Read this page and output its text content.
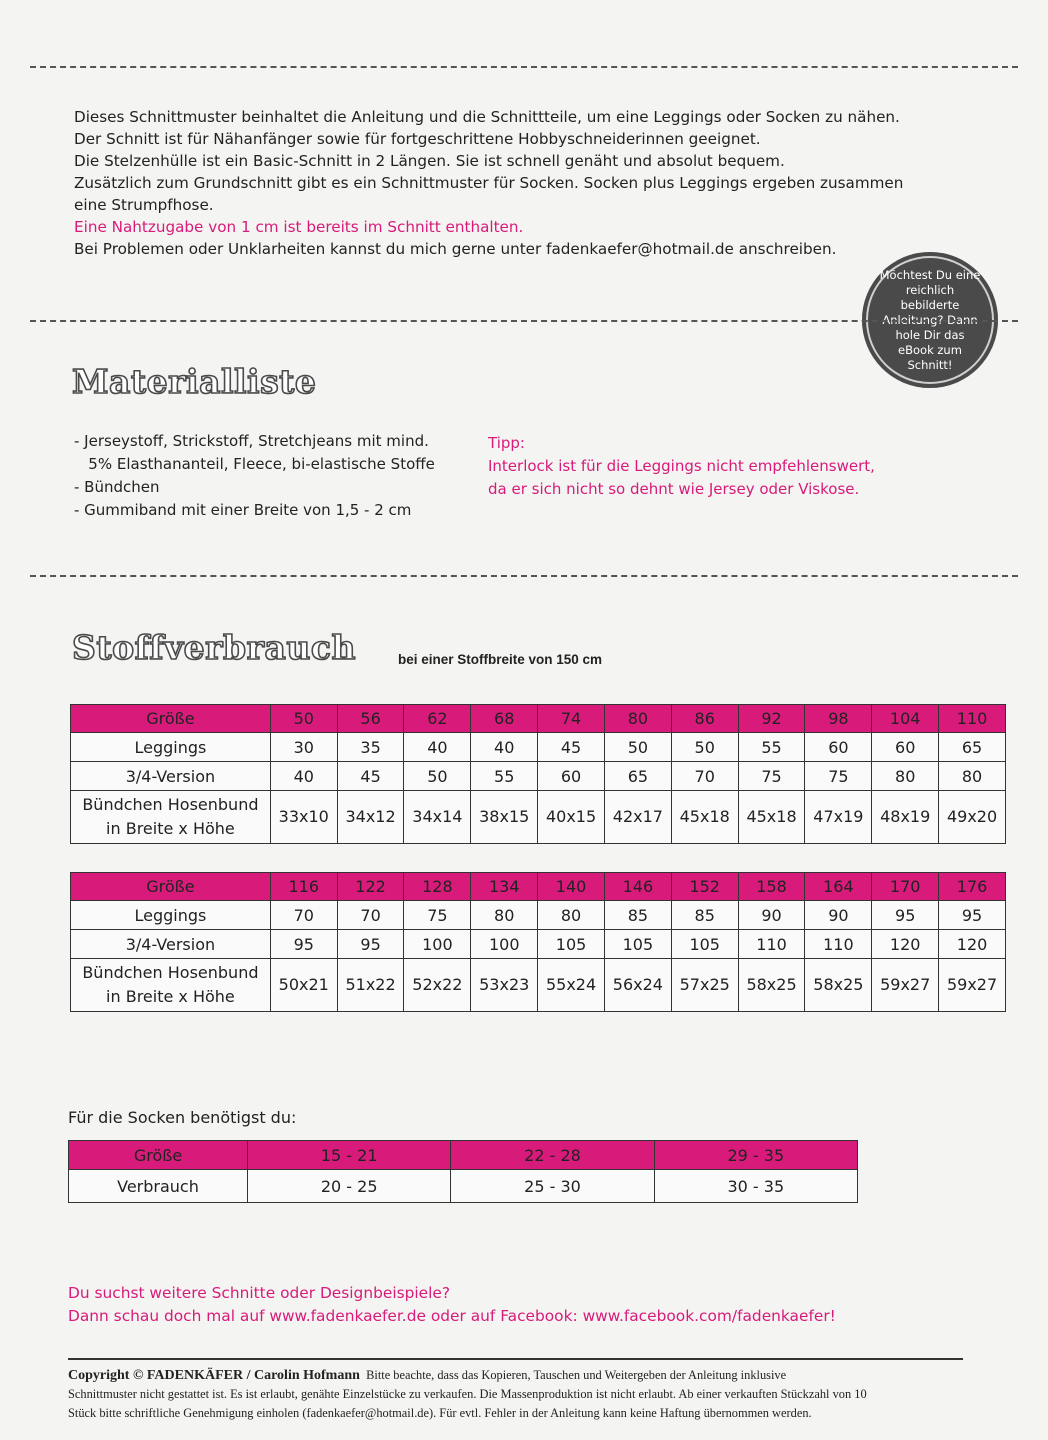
Dieses Schnittmuster beinhaltet die Anleitung und die Schnittteile, um eine Leggings oder Socken zu nähen.

Der Schnitt ist für Nähanfänger sowie für fortgeschrittene Hobbyschneiderinnen geeignet.

Die Stelzenhülle ist ein Basic-Schnitt in 2 Längen. Sie ist schnell genäht und absolut bequem.

Zusätzlich zum Grundschnitt gibt es ein Schnittmuster für Socken. Socken plus Leggings ergeben zusammen eine Strumpfhose.

Eine Nahtzugabe von 1 cm ist bereits im Schnitt enthalten.

Bei Problemen oder Unklarheiten kannst du mich gerne unter fadenkaefer@hotmail.de anschreiben.

Möchtest Du eine reichlich bebilderte Anleitung? Dann hole Dir das eBook zum Schnitt!
Materialliste
- Jerseystoff, Strickstoff, Stretchjeans mit mind.
5% Elasthananteil, Fleece, bi-elastische Stoffe
- Bündchen
- Gummiband mit einer Breite von 1,5 - 2 cm

Tipp:

Interlock ist für die Leggings nicht empfehlenswert,

da er sich nicht so dehnt wie Jersey oder Viskose.

Stoffverbrauch	bei einer Stoffbreite von 150 cm
Größe	50	56	62	68	74	80	86	92	98	104	110
Leggings	30	35	40	40	45	50	50	55	60	60	65
3/4-Version	40	45	50	55	60	65	70	75	75	80	80

Bündchen Hosenbund
in Breite x Höhe	33x10	34x12	34x14	38x15	40x15	42x17	45x18	45x18	47x19	48x19	49x20
Größe	116	122	128	134	140	146	152	158	164	170	176
Leggings	70	70	75	80	80	85	85	90	90	95	95
3/4-Version	95	95	100	100	105	105	105	110	110	120	120

Bündchen Hosenbund
in Breite x Höhe	50x21	51x22	52x22	53x23	55x24	56x24	57x25	58x25	58x25	59x27	59x27
Für die Socken benötigst du:
Größe	15 - 21	22 - 28	29 - 35
Verbrauch	20 - 25	25 - 30	30 - 35

Du suchst weitere Schnitte oder Designbeispiele?

Dann schau doch mal auf www.fadenkaefer.de oder auf Facebook: www.facebook.com/fadenkaefer!

Copyright © FADENKÄFER / Carolin Hofmann Bitte beachte, dass das Kopieren, Tauschen und Weitergeben der Anleitung inklusive

Schnittmuster nicht gestattet ist. Es ist erlaubt, genähte Einzelstücke zu verkaufen. Die Massenproduktion ist nicht erlaubt. Ab einer verkauften Stückzahl von 10

Stück bitte schriftliche Genehmigung einholen (fadenkaefer@hotmail.de). Für evtl. Fehler in der Anleitung kann keine Haftung übernommen werden.
